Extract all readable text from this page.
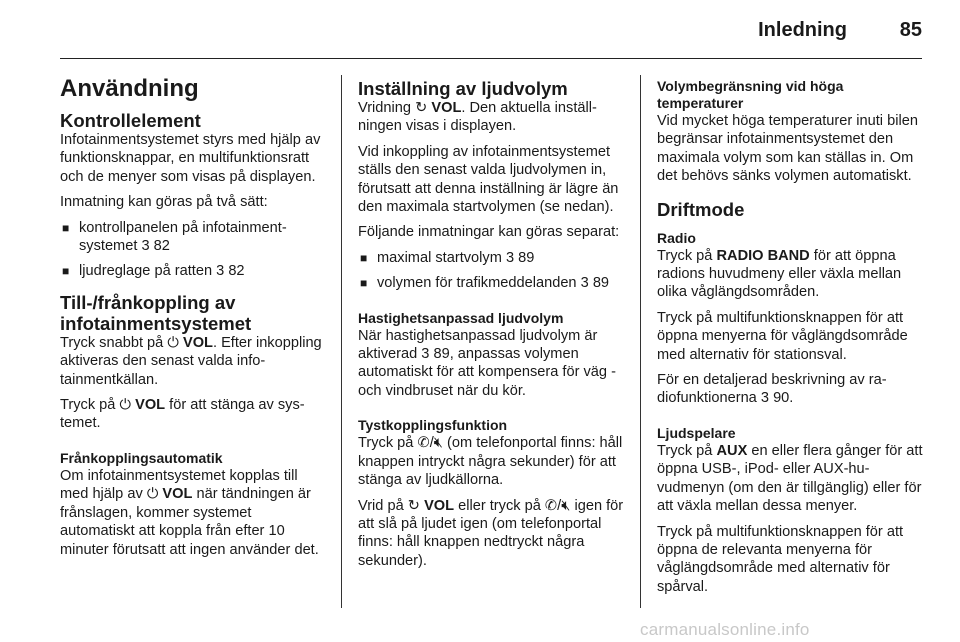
Inledning	85
Användning
Kontrollelement

Infotainmentsystemet styrs med hjälp av funktionsknappar, en multifunktionsratt och de menyer som visas på displayen.

Inmatning kan göras på två sätt:

■ kontrollpanelen på infotainmentsystemet 3 82
■ ljudreglage på ratten 3 82
Till-/frånkoppling av infotainmentsystemet

Tryck snabbt på ⏻ VOL. Efter inkoppling aktiveras den senast valda infotainmentkällan.

Tryck på ⏻ VOL för att stänga av systemet.

Frånkopplingsautomatik

Om infotainmentsystemet kopplas till med hjälp av ⏻ VOL när tändningen är frånslagen, kommer systemet automatiskt att koppla från efter 10 minuter förutsatt att ingen använder det.

Inställning av ljudvolym

Vridning ↻ VOL. Den aktuella inställningen visas i displayen.

Vid inkoppling av infotainmentsystemet ställs den senast valda ljudvolymen in, förutsatt att denna inställning är lägre än den maximala startvolymen (se nedan).

Följande inmatningar kan göras separat:

■ maximal startvolym 3 89
■ volymen för trafikmeddelanden 3 89
Hastighetsanpassad ljudvolym

När hastighetsanpassad ljudvolym är aktiverad 3 89, anpassas volymen automatiskt för att kompensera för väg - och vindbruset när du kör.

Tystkopplingsfunktion

Tryck på ✆/🔇︎ (om telefonportal finns: håll knappen intryckt några sekunder) för att stänga av ljudkällorna.

Vrid på ↻ VOL eller tryck på ✆/🔇︎ igen för att slå på ljudet igen (om telefonportal finns: håll knappen nedtryckt några sekunder).

Volymbegränsning vid höga temperaturer

Vid mycket höga temperaturer inuti bilen begränsar infotainmentsystemet den maximala volym som kan ställas in. Om det behövs sänks volymen automatiskt.

Driftmode
Radio

Tryck på RADIO BAND för att öppna radions huvudmeny eller växla mellan olika våglängdsområden.

Tryck på multifunktionsknappen för att öppna menyerna för våglängdsområde med alternativ för stationsval.

För en detaljerad beskrivning av radiofunktionerna 3 90.

Ljudspelare

Tryck på AUX en eller flera gånger för att öppna USB-, iPod- eller AUX-huvudmenyn (om den är tillgänglig) eller för att växla mellan dessa menyer.

Tryck på multifunktionsknappen för att öppna de relevanta menyerna för våglängdsområde med alternativ för spårval.

carmanualsonline.info
